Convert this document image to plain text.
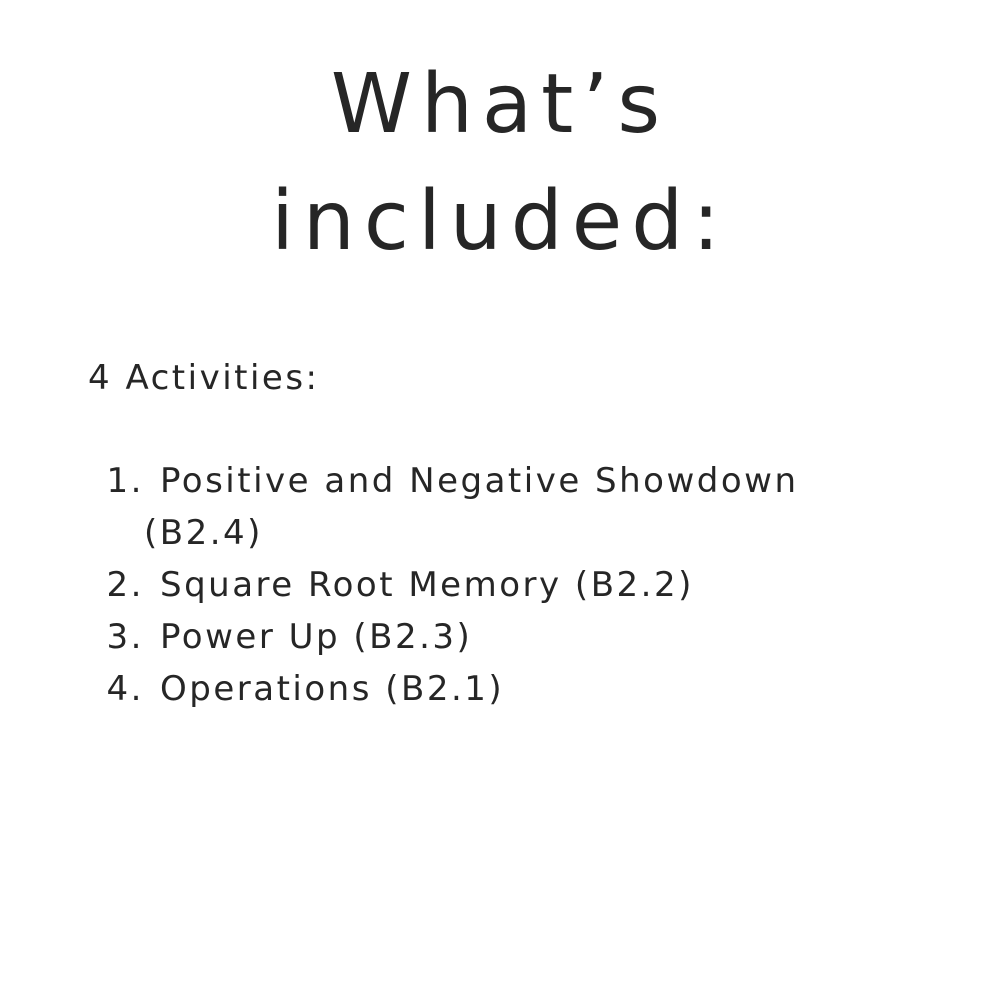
What’s
included:

4 Activities:

1. Positive and Negative Showdown
(B2.4)
2. Square Root Memory (B2.2)
3. Power Up (B2.3)
4. Operations (B2.1)
